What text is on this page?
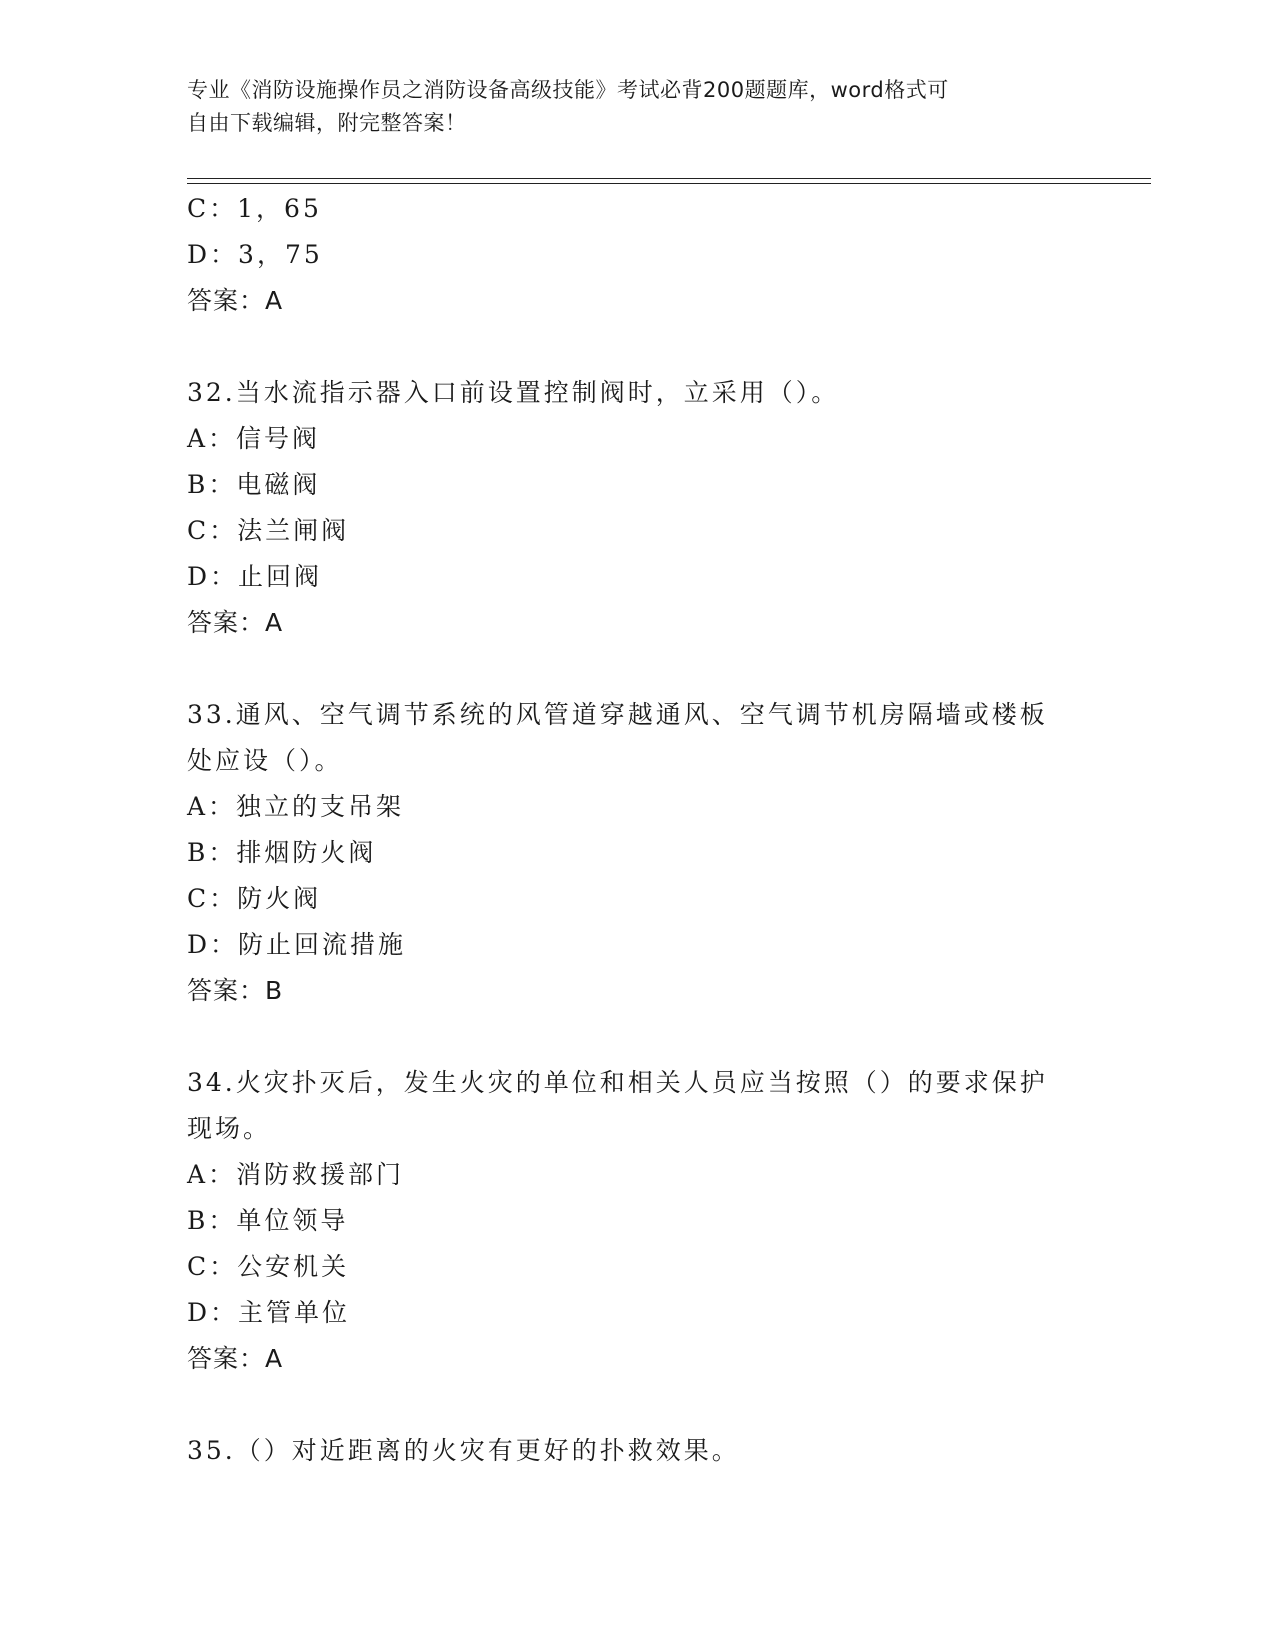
专业《消防设施操作员之消防设备高级技能》考试必背200题题库，word格式可
自由下载编辑，附完整答案！
C：1，65
D：3，75
答案：A
32.当水流指示器入口前设置控制阀时，立采用（）。
A：信号阀
B：电磁阀
C：法兰闸阀
D：止回阀
答案：A
33.通风、空气调节系统的风管道穿越通风、空气调节机房隔墙或楼板处应设（）。
A：独立的支吊架
B：排烟防火阀
C：防火阀
D：防止回流措施
答案：B
34.火灾扑灭后，发生火灾的单位和相关人员应当按照（）的要求保护现场。
A：消防救援部门
B：单位领导
C：公安机关
D：主管单位
答案：A
35.（）对近距离的火灾有更好的扑救效果。
